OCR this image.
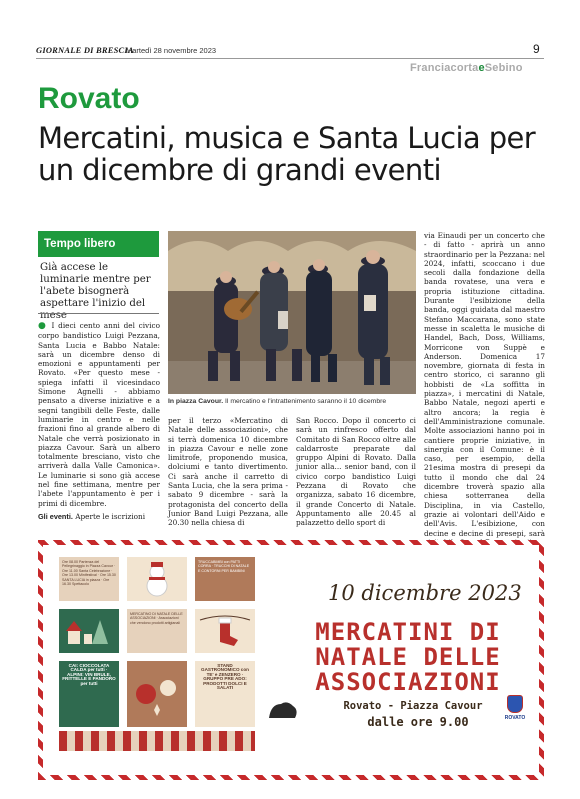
GIORNALE DI BRESCIA
Martedì 28 novembre 2023	9
FranciacortaeSebino
Rovato
Mercatini, musica e Santa Lucia per un dicembre di grandi eventi
Tempo libero
Già accese le luminarie mentre per l'abete bisognerà aspettare l'inizio del mese
● I dieci cento anni del civico corpo bandistico Luigi Pezzana, Santa Lucia e Babbo Natale: sarà un dicembre denso di emozioni e appuntamenti per Rovato. «Per questo mese - spiega infatti il vicesindaco Simone Agnelli - abbiamo pensato a diverse iniziative e a segni tangibili delle Feste, dalle luminarie in centro e nelle frazioni fino al grande albero di Natale che verrà posizionato in piazza Cavour. Sarà un albero totalmente bresciano, visto che arriverà dalla Valle Camonica». Le luminarie si sono già accese nel fine settimana, mentre per l'abete l'appuntamento è per i primi di dicembre.
Gli eventi. Aperte le iscrizioni
In piazza Cavour. Il mercatino e l'intrattenimento saranno il 10 dicembre
per il terzo «Mercatino di Natale delle associazioni», che si terrà domenica 10 dicembre in piazza Cavour e nelle zone limitrofe, proponendo musica, dolciumi e tanto divertimento. Ci sarà anche il carretto di Santa Lucia, che la sera prima - sabato 9 dicembre - sarà la protagonista del concerto della Junior Band Luigi Pezzana, alle 20.30 nella chiesa di
San Rocco. Dopo il concerto ci sarà un rinfresco offerto dal Comitato di San Rocco oltre alle caldarroste preparate dal gruppo Alpini di Rovato. Dalla junior alla... senior band, con il civico corpo bandistico Luigi Pezzana di Rovato che organizza, sabato 16 dicembre, il grande Concerto di Natale. Appuntamento alle 20.45 al palazzetto dello sport di
via Einaudi per un concerto che - di fatto - aprirà un anno straordinario per la Pezzana: nel 2024, infatti, scoccano i due secoli dalla fondazione della banda rovatese, una vera e propria istituzione cittadina. Durante l'esibizione della banda, oggi guidata dal maestro Stefano Maccarana, sono state messe in scaletta le musiche di Handel, Bach, Doss, Williams, Morricone von Suppè e Anderson. Domenica 17 novembre, giornata di festa in centro storico, ci saranno gli hobbisti de «La soffitta in piazza», i mercatini di Natale, Babbo Natale, negozi aperti e altro ancora; la regia è dell'Amministrazione comunale. Molte associazioni hanno poi in cantiere proprie iniziative, in sinergia con il Comune: è il caso, per esempio, della 21esima mostra di presepi da tutto il mondo che dal 24 dicembre troverà spazio alla chiesa sotterranea della Disciplina, in via Castello, grazie ai volontari dell'Aido e dell'Avis. L'esibizione, con decine e decine di presepi, sarà
Ore 08.00 Partenza del Pellegrinaggio in Piazza Cavour · Ore 11.00 Santa Celebrazione · Ore 13.00 Minifestival · Ore 15.30 SANTA LUCIA in piazza · Ore 16.30 Spettacolo
TRUCCABIMBI con PATTI CORRA · TRUCCHI DI NATALE E CONTORNI PER BAMBINI
MERCATINO DI NATALE DELLE ASSOCIAZIONI · Associazioni che vendono prodotti artigianali
CAI: CIOCCOLATA CALDA per tutti · ALPINI: VIN BRULE, FRITTELLE E PANDORO per tutti
STAND GASTRONOMICO con TE' e ZENZERO · GRUPPO PRE ADO: PRODOTTI DOLCI E SALATI
10 dicembre 2023
MERCATINI DI NATALE DELLE ASSOCIAZIONI
Rovato - Piazza Cavour
dalle ore 9.00	ROVATO
